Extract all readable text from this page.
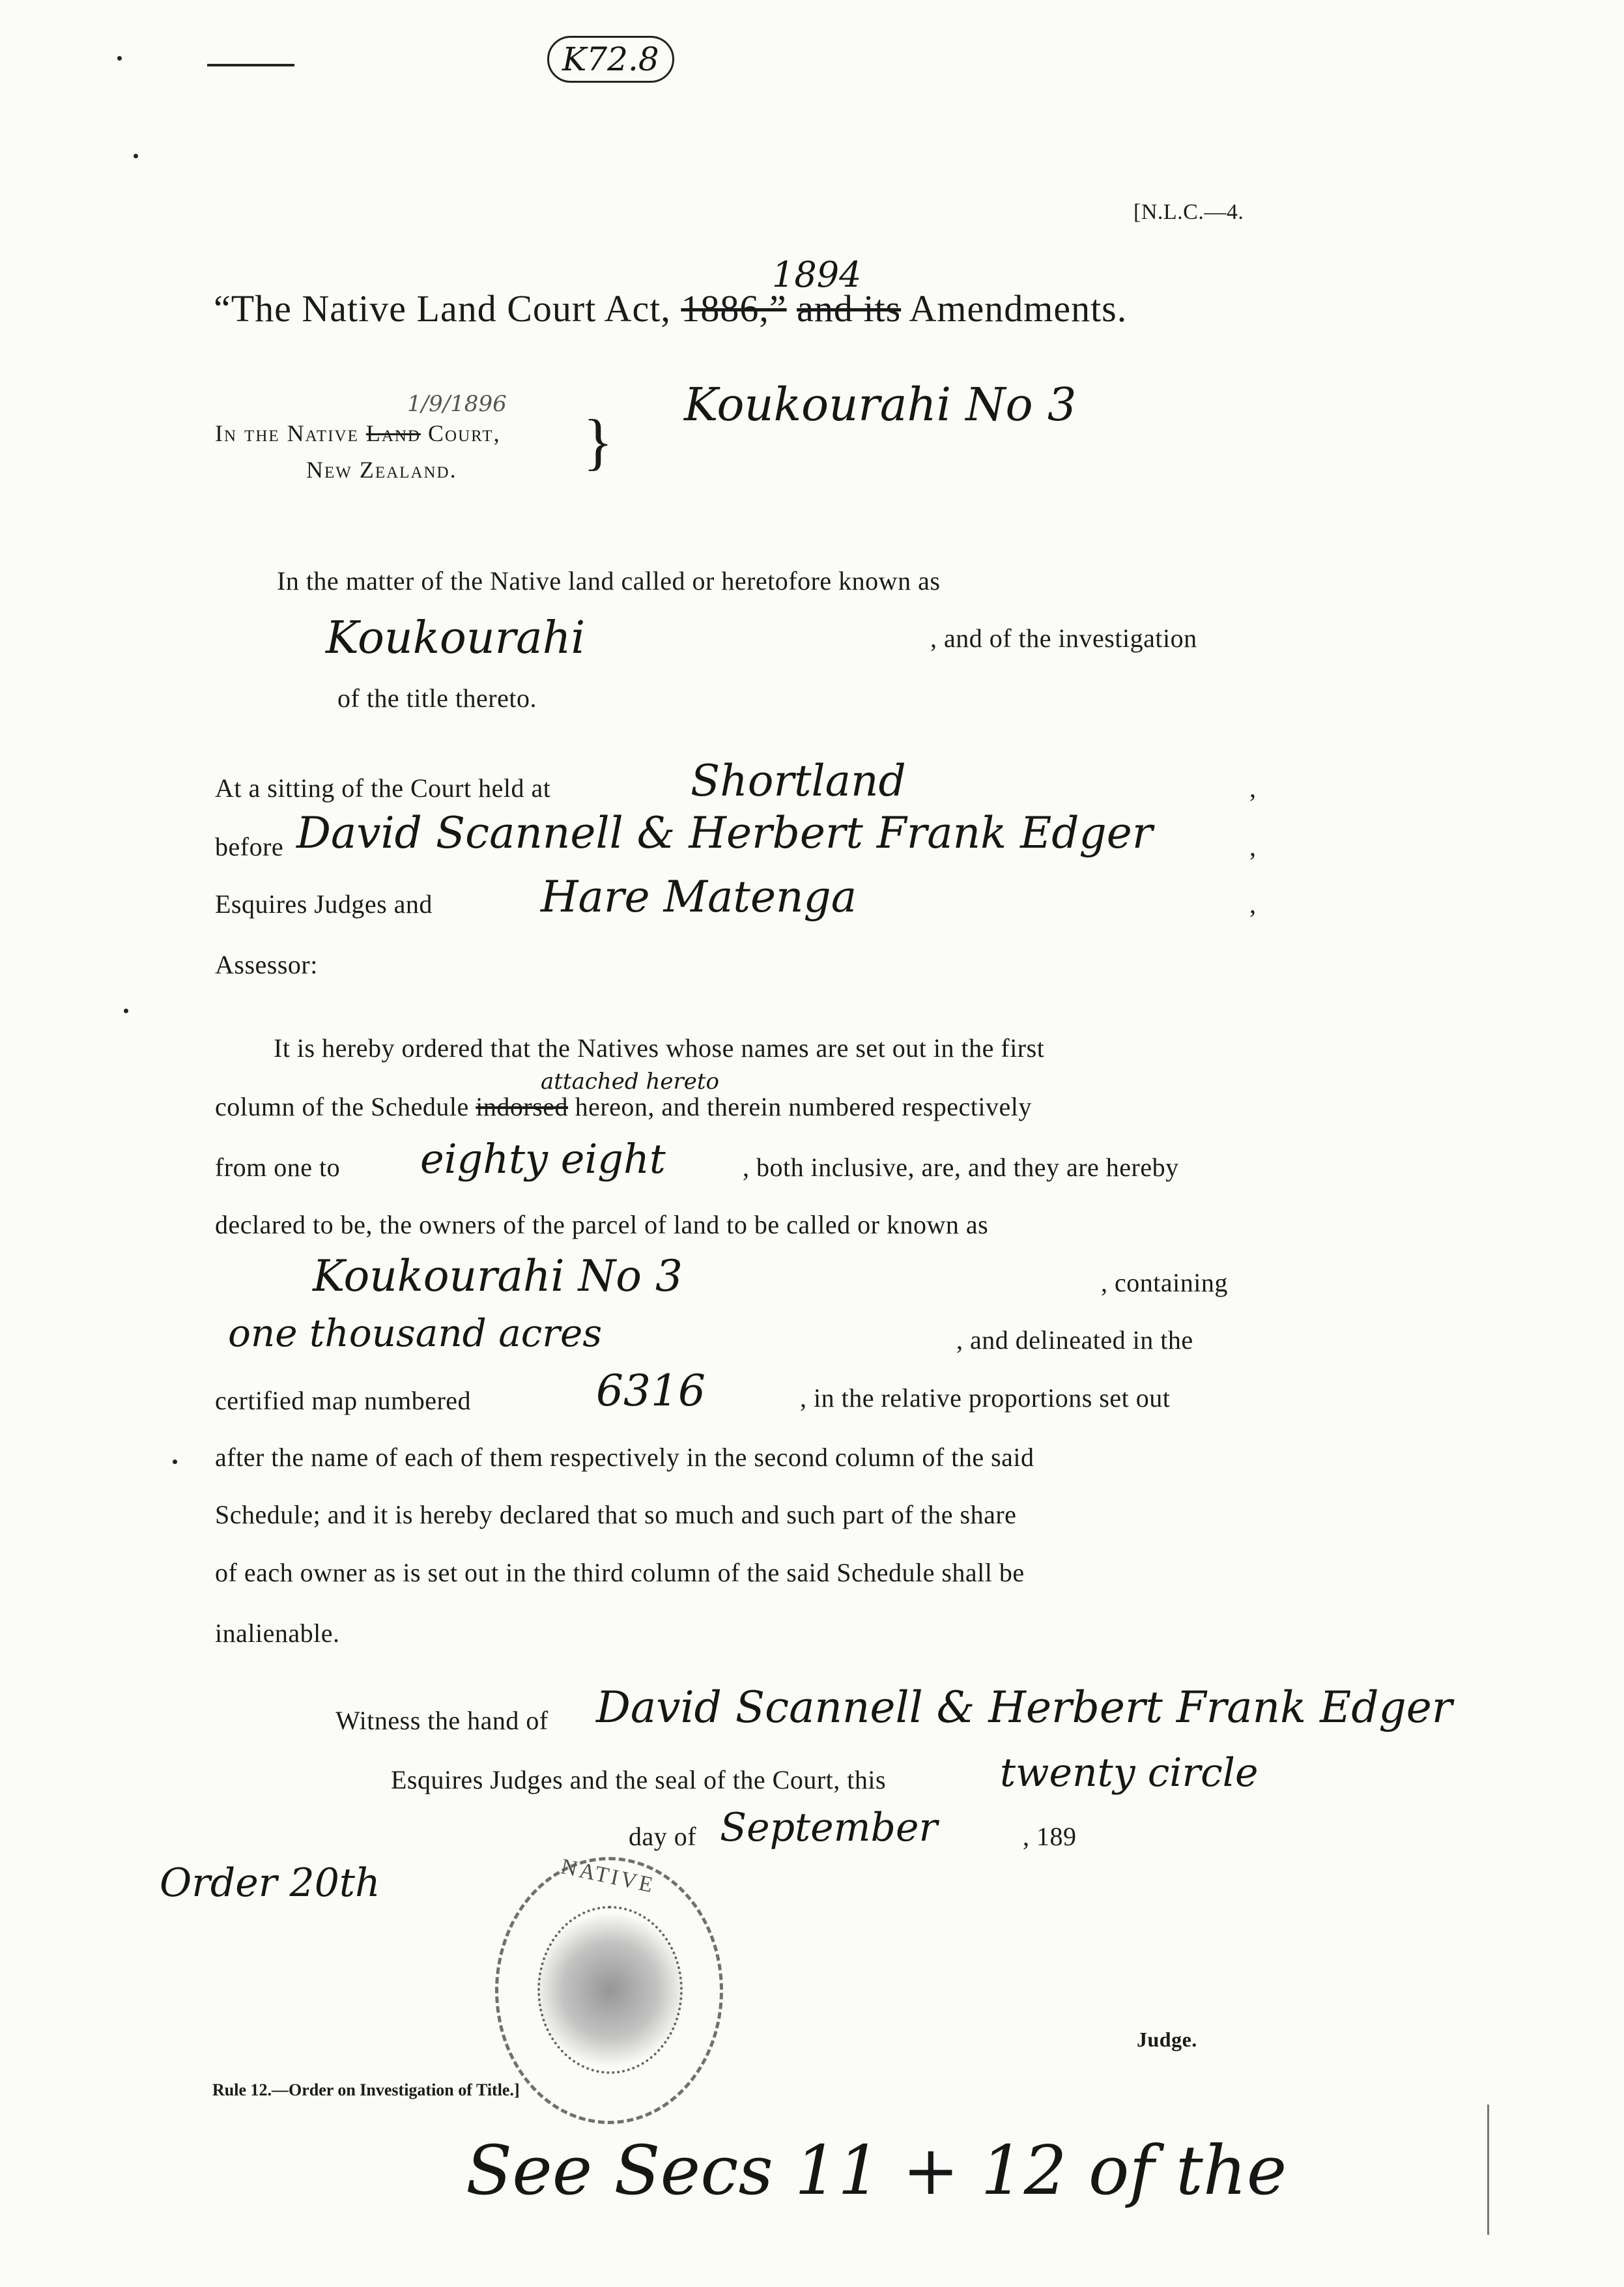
K72.8
[N.L.C.—4.
“The Native Land Court Act, 1886,” and its Amendments.
1894
1/9/1896
In the Native Land Court,
New Zealand. }
Koukourahi No 3
In the matter of the Native land called or heretofore known as
Koukourahi	, and of the investigation
of the title thereto.
At a sitting of the Court held at	Shortland	,
before David Scannell & Herbert Frank Edger	,
Esquires Judges and	Hare Matenga	,
Assessor:
It is hereby ordered that the Natives whose names are set out in the first
attached hereto
column of the Schedule indorsed hereon, and therein numbered respectively
from one to eighty eight	, both inclusive, are, and they are hereby
declared to be, the owners of the parcel of land to be called or known as
Koukourahi No 3	, containing
one thousand acres	, and delineated in the
certified map numbered	6316	, in the relative proportions set out
after the name of each of them respectively in the second column of the said
Schedule; and it is hereby declared that so much and such part of the share
of each owner as is set out in the third column of the said Schedule shall be
inalienable.
Witness the hand of David Scannell & Herbert Frank Edger
Esquires Judges and the seal of the Court, this	twenty circle
day of September	, 189
Order 20th	NATIVE
Judge.
Rule 12.—Order on Investigation of Title.]
See Secs 11 + 12 of the
